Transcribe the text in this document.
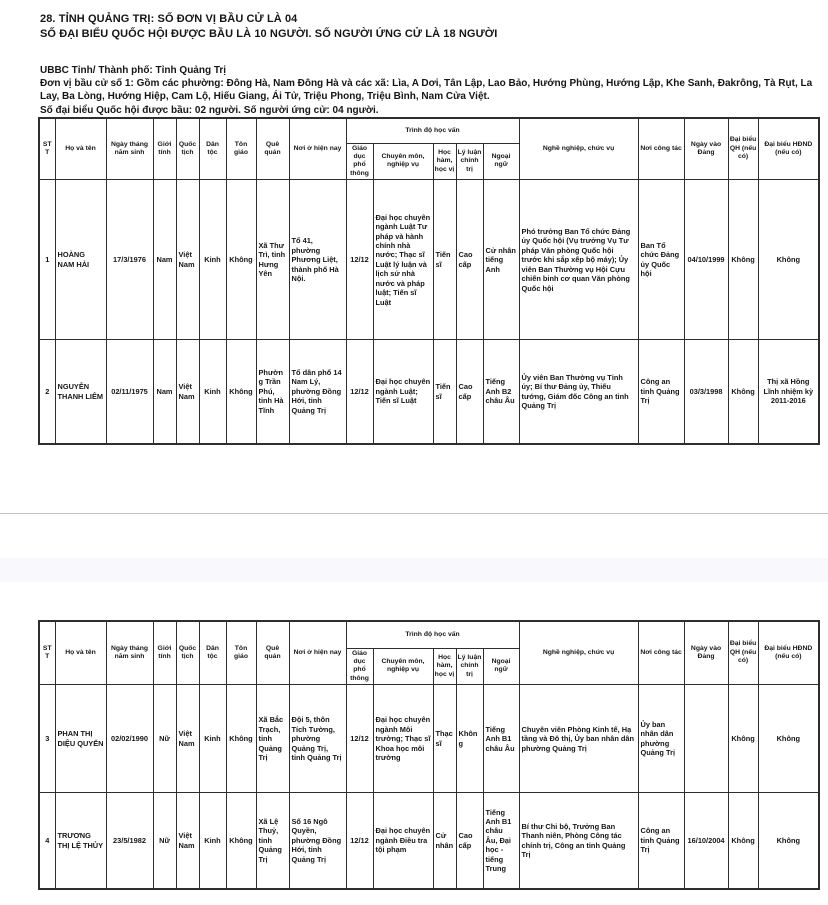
28. TỈNH QUẢNG TRỊ: SỐ ĐƠN VỊ BẦU CỬ LÀ 04
SỐ ĐẠI BIỂU QUỐC HỘI ĐƯỢC BẦU LÀ 10 NGƯỜI. SỐ NGƯỜI ỨNG CỬ LÀ 18 NGƯỜI
UBBC Tỉnh/ Thành phố: Tỉnh Quảng Trị
Đơn vị bầu cử số 1: Gồm các phường: Đông Hà, Nam Đông Hà và các xã: Lìa, A Dơi, Tân Lập, Lao Bảo, Hướng Phùng, Hướng Lập, Khe Sanh, Đakrông, Tà Rụt, La Lay, Ba Lòng, Hướng Hiệp, Cam Lộ, Hiếu Giang, Ái Tử, Triệu Phong, Triệu Bình, Nam Cửa Việt.
Số đại biểu Quốc hội được bầu: 02 người. Số người ứng cử: 04 người.
ST T	Họ và tên	Ngày tháng năm sinh	Giới tính	Quốc tịch	Dân tộc	Tôn giáo	Quê quán	Nơi ở hiện nay	Trình độ học vấn					Nghề nghiệp, chức vụ	Nơi công tác	Ngày vào Đảng	Đại biểu QH (nếu có)	Đại biểu HĐND (nếu có)
									Giáo dục phổ thông	Chuyên môn, nghiệp vụ	Học hàm, học vị	Lý luận chính trị	Ngoại ngữ					
1	HOÀNG NAM HẢI	17/3/1976	Nam	Việt Nam	Kinh	Không	Xã Thư Trì, tỉnh Hưng Yên	Tổ 41, phường Phương Liệt, thành phố Hà Nội.	12/12	Đại học chuyên ngành Luật Tư pháp và hành chính nhà nước; Thạc sĩ Luật lý luận và lịch sử nhà nước và pháp luật; Tiến sĩ Luật	Tiến sĩ	Cao cấp	Cử nhân tiếng Anh	Phó trưởng Ban Tổ chức Đảng ủy Quốc hội (Vụ trưởng Vụ Tư pháp Văn phòng Quốc hội trước khi sắp xếp bộ máy); Ủy viên Ban Thường vụ Hội Cựu chiến binh cơ quan Văn phòng Quốc hội	Ban Tổ chức Đảng ủy Quốc hội	04/10/1999	Không	Không
2	NGUYỄN THANH LIÊM	02/11/1975	Nam	Việt Nam	Kinh	Không	Phường Trần Phú, tỉnh Hà Tĩnh	Tổ dân phố 14 Nam Lý, phường Đồng Hới, tỉnh Quảng Trị	12/12	Đại học chuyên ngành Luật; Tiến sĩ Luật	Tiến sĩ	Cao cấp	Tiếng Anh B2 châu Âu	Ủy viên Ban Thường vụ Tỉnh ủy; Bí thư Đảng ủy, Thiếu tướng, Giám đốc Công an tỉnh Quảng Trị	Công an tỉnh Quảng Trị	03/3/1998	Không	Thị xã Hồng Lĩnh nhiệm kỳ 2011-2016
ST T	Họ và tên	Ngày tháng năm sinh	Giới tính	Quốc tịch	Dân tộc	Tôn giáo	Quê quán	Nơi ở hiện nay	Trình độ học vấn					Nghề nghiệp, chức vụ	Nơi công tác	Ngày vào Đảng	Đại biểu QH (nếu có)	Đại biểu HĐND (nếu có)
									Giáo dục phổ thông	Chuyên môn, nghiệp vụ	Học hàm, học vị	Lý luận chính trị	Ngoại ngữ					
3	PHAN THỊ DIỆU QUYẾN	02/02/1990	Nữ	Việt Nam	Kinh	Không	Xã Bắc Trạch, tỉnh Quảng Trị	Đội 5, thôn Tích Tường, phường Quảng Trị, tỉnh Quảng Trị	12/12	Đại học chuyên ngành Môi trường; Thạc sĩ Khoa học môi trường	Thạc sĩ	Không	Tiếng Anh B1 châu Âu	Chuyên viên Phòng Kinh tế, Hạ tầng và Đô thị, Ủy ban nhân dân phường Quảng Trị	Ủy ban nhân dân phường Quảng Trị		Không	Không
4	TRƯƠNG THỊ LỆ THỦY	23/5/1982	Nữ	Việt Nam	Kinh	Không	Xã Lệ Thuỷ, tỉnh Quảng Trị	Số 16 Ngô Quyền, phường Đồng Hới, tỉnh Quảng Trị	12/12	Đại học chuyên ngành Điều tra tội phạm	Cử nhân	Cao cấp	Tiếng Anh B1 châu Âu, Đại học - tiếng Trung	Bí thư Chi bộ, Trưởng Ban Thanh niên, Phòng Công tác chính trị, Công an tỉnh Quảng Trị	Công an tỉnh Quảng Trị	16/10/2004	Không	Không
